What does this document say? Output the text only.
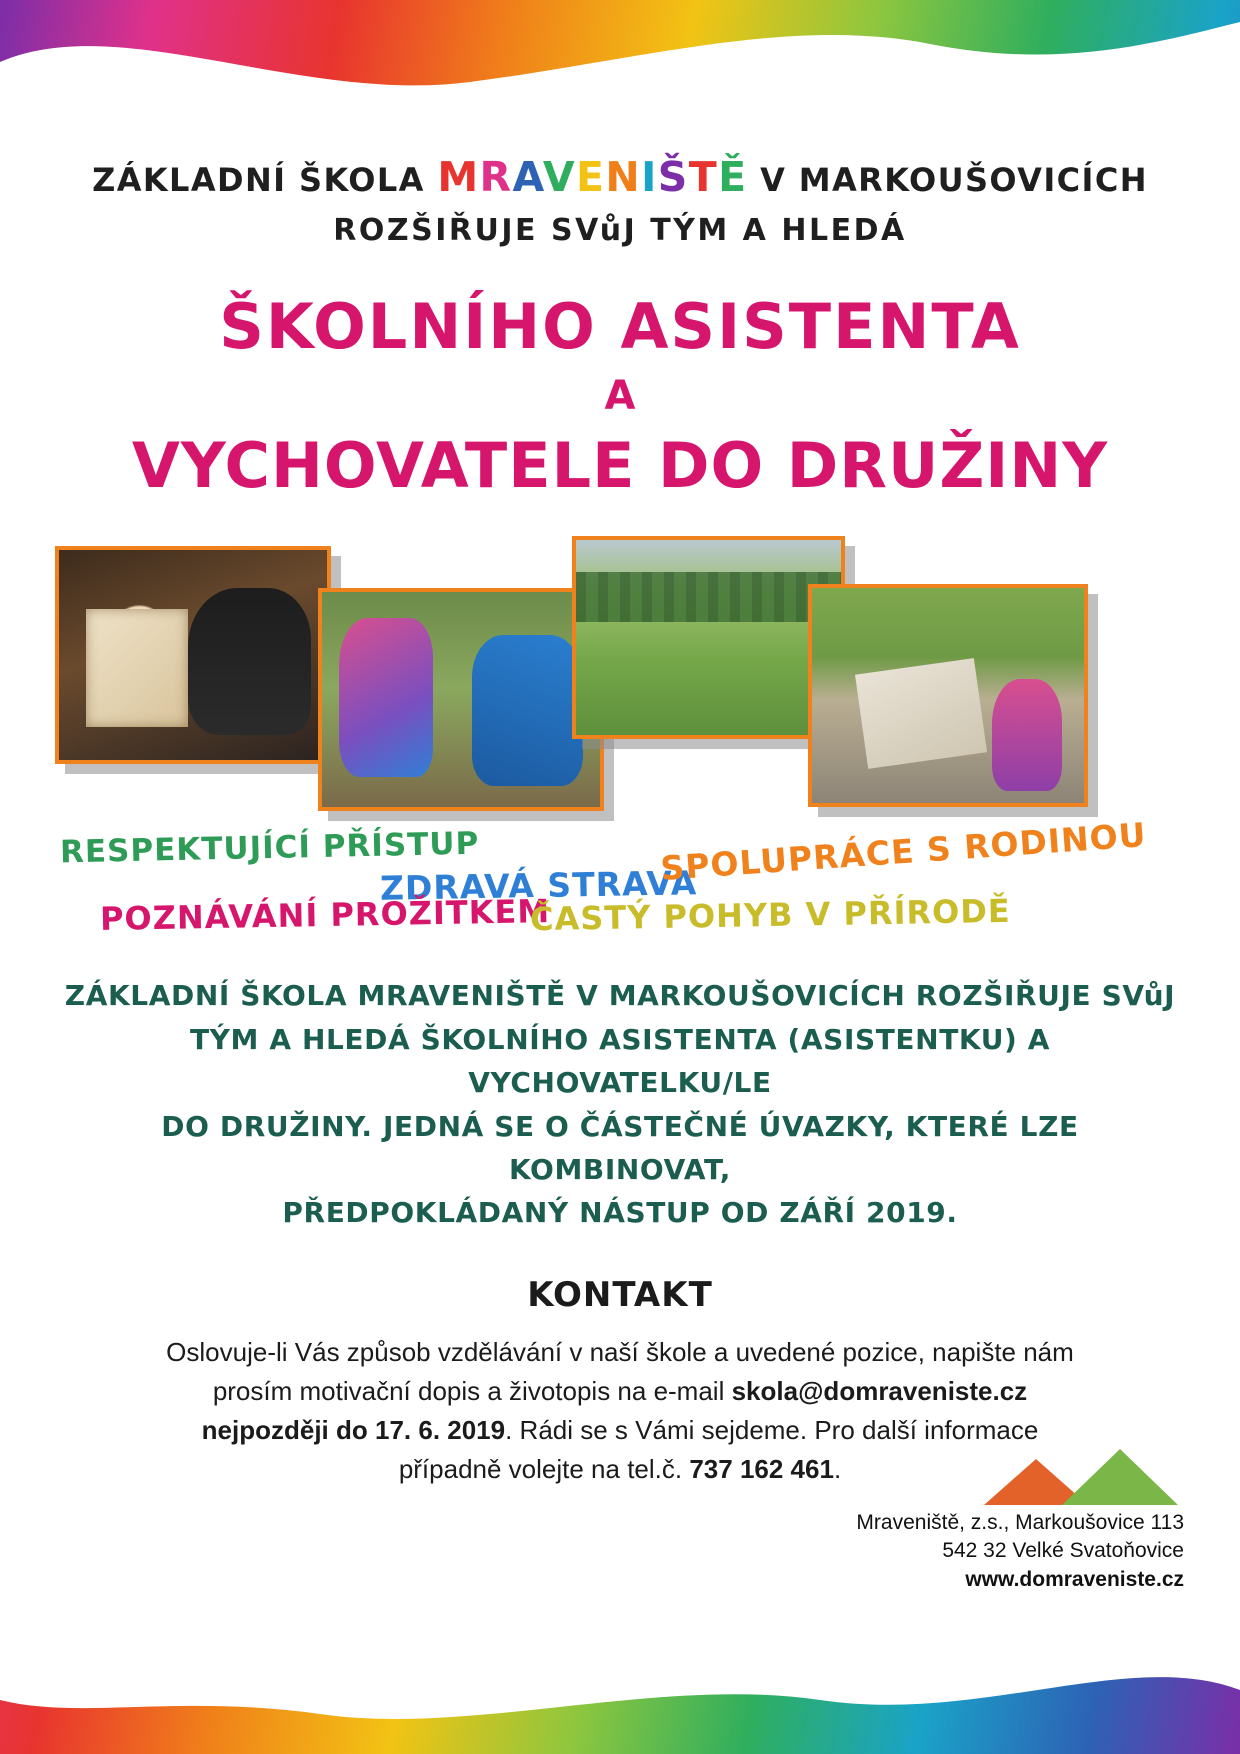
ZÁKLADNÍ ŠKOLA MRAVENIŠTĚ V MARKOUŠOVICÍCH
ROZŠIŘUJE SVůJ TÝM A HLEDÁ
ŠKOLNÍHO ASISTENTA
A
VYCHOVATELE DO DRUŽINY
RESPEKTUJÍCÍ PŘÍSTUP
ZDRAVÁ STRAVA
SPOLUPRÁCE S RODINOU
POZNÁVÁNÍ PROŽITKEM
ČASTÝ POHYB V PŘÍRODĚ
ZÁKLADNÍ ŠKOLA MRAVENIŠTĚ V MARKOUŠOVICÍCH ROZŠIŘUJE SVůJ
TÝM A HLEDÁ ŠKOLNÍHO ASISTENTA (ASISTENTKU) A VYCHOVATELKU/LE
DO DRUŽINY. JEDNÁ SE O ČÁSTEČNÉ ÚVAZKY, KTERÉ LZE KOMBINOVAT,
PŘEDPOKLÁDANÝ NÁSTUP OD ZÁŘÍ 2019.
KONTAKT
Oslovuje-li Vás způsob vzdělávání v naší škole a uvedené pozice, napište nám
prosím motivační dopis a životopis na e-mail skola@domraveniste.cz
nejpozději do 17. 6. 2019. Rádi se s Vámi sejdeme. Pro další informace
případně volejte na tel.č. 737 162 461.
Mraveniště, z.s., Markoušovice 113
542 32 Velké Svatoňovice
www.domraveniste.cz
